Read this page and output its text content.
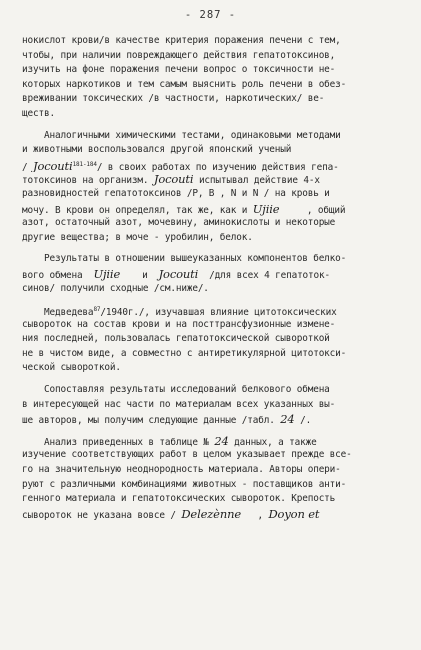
- 287 -
нокислот крови/в качестве критерия поражения печени с тем,
чтобы, при наличии повреждающего действия гепатотоксинов,
изучить на фоне поражения печени вопрос о токсичности не-
которых наркотиков и тем самым выяснить роль печени в обез-
вреживании токсических /в частности, наркотических/ ве-
ществ.
Аналогичными химическими тестами, одинаковыми методами
и животными воспользовался другой японский ученый
/ Jocouti$^{181-184}$/ в своих работах по изучению действия гепа-
тотоксинов на организм. Jocouti испытывал действие 4-х
разновидностей гепатотоксинов /Р, В , N и N / на кровь и
мочу. В крови он определял, так же, как и Ujiie	, общий
азот, остаточный азот, мочевину, аминокислоты и некоторые
другие вещества; в моче - уробилин, белок.
Результаты в отношении вышеуказанных компонентов белко-
вого обмена Ujiie и Jocouti /для всех 4 гепатоток-
синов/ получили сходные /см.ниже/.
Медведева$^{87}$/1940г./, изучавшая влияние цитотоксических
сывороток на состав крови и на посттрансфузионные измене-
ния последней, пользовалась гепатотоксической сывороткой
не в чистом виде, а совместно с антиретикулярной цитотокси-
ческой сывороткой.
Сопоставляя результаты исследований белкового обмена
в интересующей нас части по материалам всех указанных вы-
ше авторов, мы получим следующие данные /табл. 24 /.
Анализ приведенных в таблице № 24 данных, а также
изучение соответствующих работ в целом указывает прежде все-
го на значительную неоднородность материала. Авторы опери-
руют с различными комбинациями животных - поставщиков анти-
генного материала и гепатотоксических сывороток. Крепость
сывороток не указана вовсе / Delezènne , Doyon et
